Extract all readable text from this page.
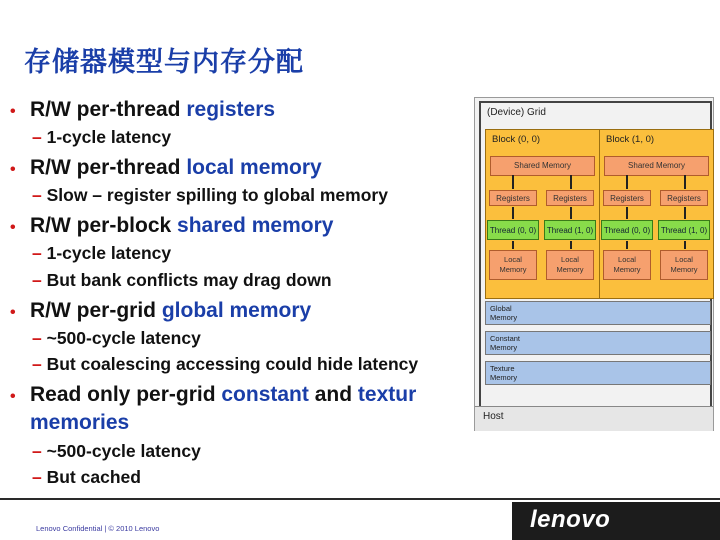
存储器模型与内存分配
• R/W per-thread registers
– 1-cycle latency
• R/W per-thread local memory
– Slow – register spilling to global memory
• R/W per-block shared memory
– 1-cycle latency
– But bank conflicts may drag down
• R/W per-grid global memory
– ~500-cycle latency
– But coalescing accessing could hide latency
• Read only per-grid constant and textur
memories
– ~500-cycle latency
– But cached
(Device) Grid
Block (0, 0)
Shared Memory
Registers	Registers
Thread (0, 0)	Thread (1, 0)
Local
Memory
Local
Memory
Block (1, 0)
Shared Memory
Registers	Registers
Thread (0, 0)	Thread (1, 0)
Local
Memory
Local
Memory
Global
Memory
Constant
Memory
Texture
Memory
Host
Lenovo Confidential | © 2010 Lenovo	lenovo
